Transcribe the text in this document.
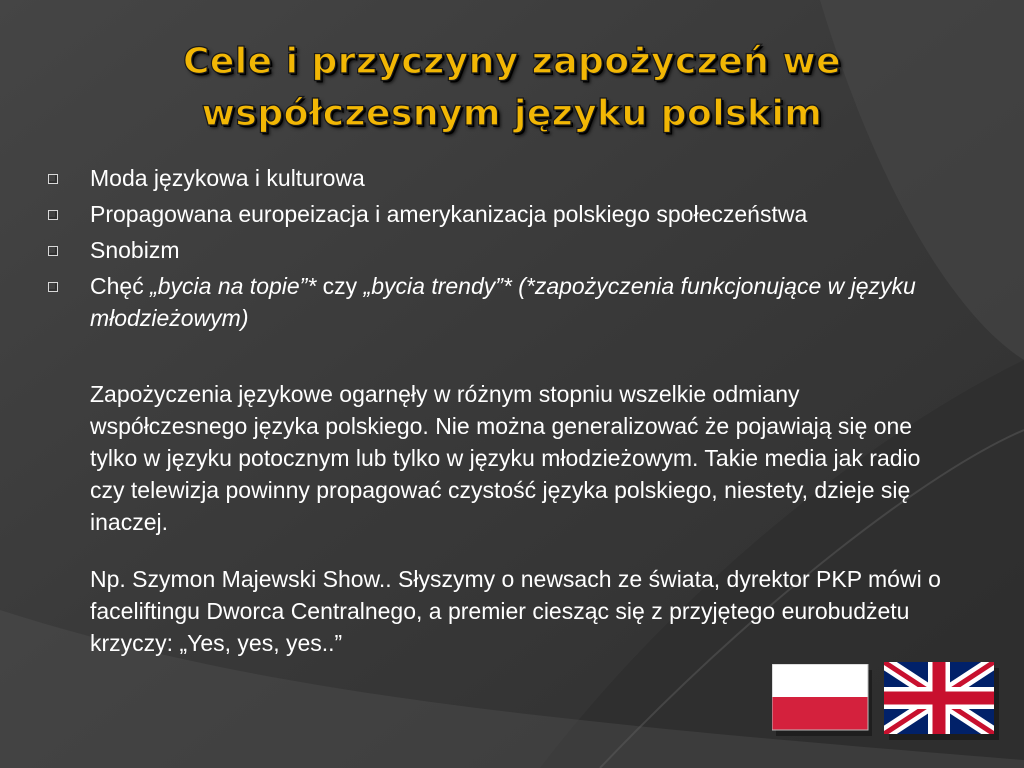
Cele i przyczyny zapożyczeń we
współczesnym języku polskim
Moda językowa i kulturowa
Propagowana europeizacja i amerykanizacja polskiego społeczeństwa
Snobizm
Chęć „bycia na topie”* czy „bycia trendy”* (*zapożyczenia funkcjonujące w języku młodzieżowym)

Zapożyczenia językowe ogarnęły w różnym stopniu wszelkie odmiany współczesnego języka polskiego. Nie można generalizować że pojawiają się one tylko w języku potocznym lub tylko w języku młodzieżowym. Takie media jak radio czy telewizja powinny propagować czystość języka polskiego, niestety, dzieje się inaczej.

Np. Szymon Majewski Show.. Słyszymy o newsach ze świata, dyrektor PKP mówi o faceliftingu Dworca Centralnego, a premier ciesząc się z przyjętego eurobudżetu krzyczy: „Yes, yes, yes..”
